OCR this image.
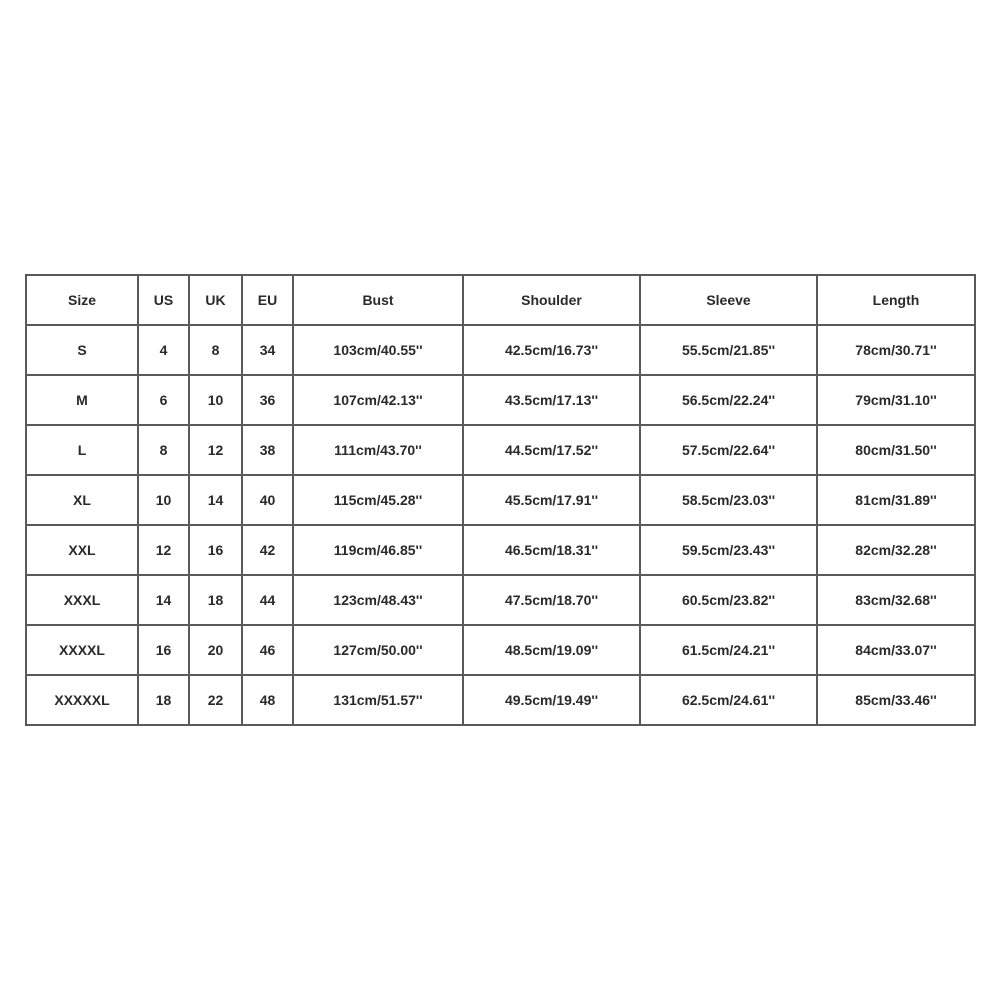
Size	US	UK	EU	Bust	Shoulder	Sleeve	Length
S	4	8	34	103cm/40.55''	42.5cm/16.73''	55.5cm/21.85''	78cm/30.71''
M	6	10	36	107cm/42.13''	43.5cm/17.13''	56.5cm/22.24''	79cm/31.10''
L	8	12	38	111cm/43.70''	44.5cm/17.52''	57.5cm/22.64''	80cm/31.50''
XL	10	14	40	115cm/45.28''	45.5cm/17.91''	58.5cm/23.03''	81cm/31.89''
XXL	12	16	42	119cm/46.85''	46.5cm/18.31''	59.5cm/23.43''	82cm/32.28''
XXXL	14	18	44	123cm/48.43''	47.5cm/18.70''	60.5cm/23.82''	83cm/32.68''
XXXXL	16	20	46	127cm/50.00''	48.5cm/19.09''	61.5cm/24.21''	84cm/33.07''
XXXXXL	18	22	48	131cm/51.57''	49.5cm/19.49''	62.5cm/24.61''	85cm/33.46''
